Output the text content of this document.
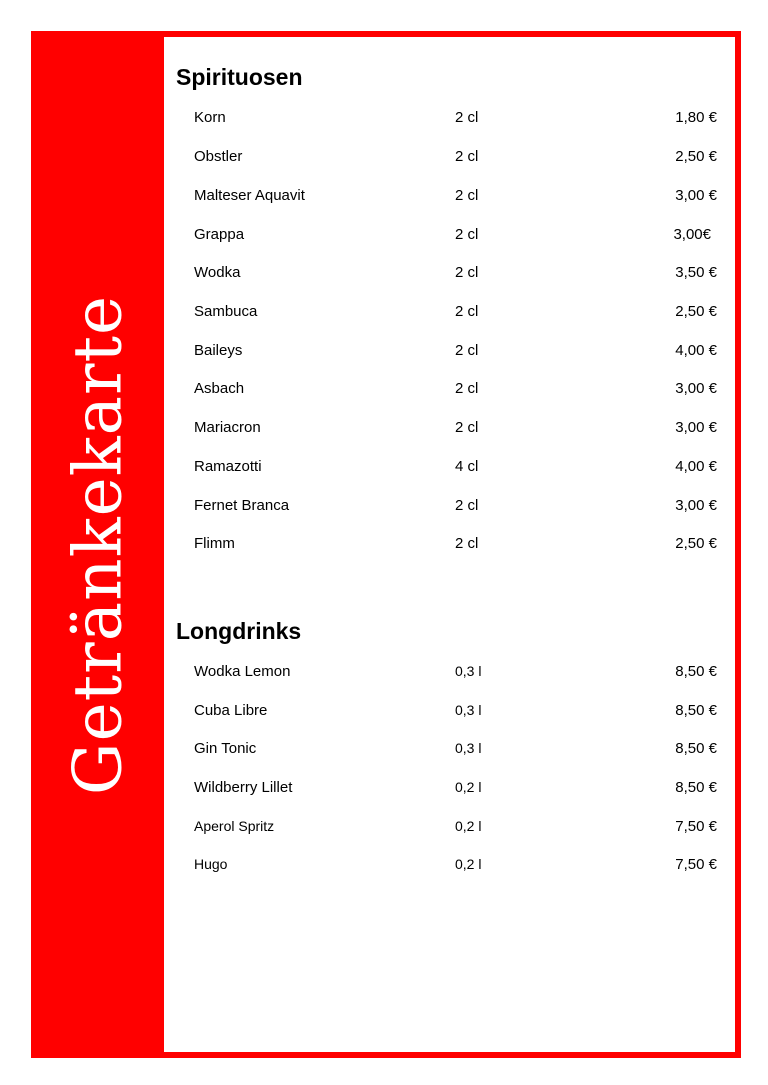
Getränkekarte
Spirituosen
Korn	2 cl	1,80 €
Obstler	2 cl	2,50 €
Malteser Aquavit	2 cl	3,00 €
Grappa	2 cl	3,00€
Wodka	2 cl	3,50 €
Sambuca	2 cl	2,50 €
Baileys	2 cl	4,00 €
Asbach	2 cl	3,00 €
Mariacron	2 cl	3,00 €
Ramazotti	4 cl	4,00 €
Fernet Branca	2 cl	3,00 €
Flimm	2 cl	2,50 €
Longdrinks
Wodka Lemon	0,3 l	8,50 €
Cuba Libre	0,3 l	8,50 €
Gin Tonic	0,3 l	8,50 €
Wildberry Lillet	0,2 l	8,50 €
Aperol Spritz	0,2 l	7,50 €
Hugo	0,2 l	7,50 €
